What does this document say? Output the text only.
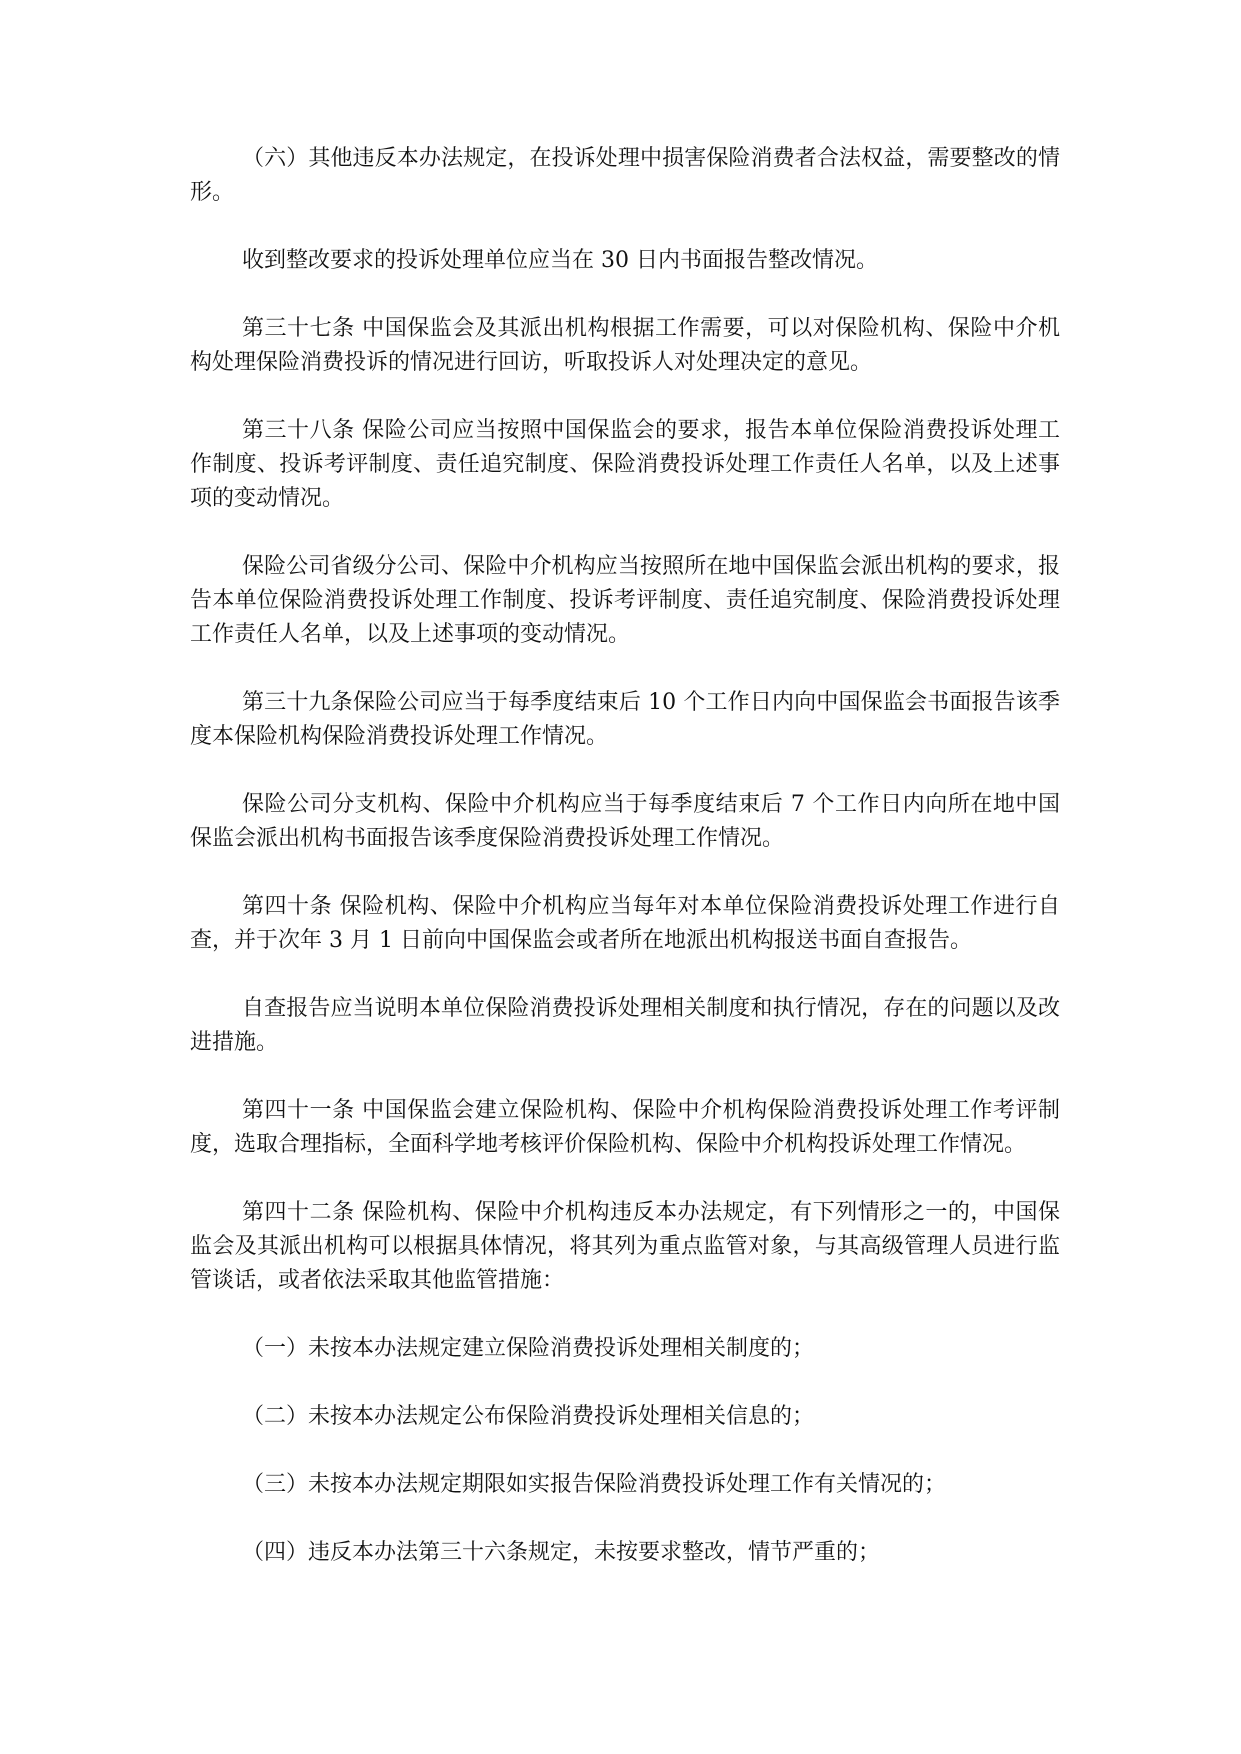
（六）其他违反本办法规定，在投诉处理中损害保险消费者合法权益，需要整改的情形。

收到整改要求的投诉处理单位应当在 30 日内书面报告整改情况。

第三十七条 中国保监会及其派出机构根据工作需要，可以对保险机构、保险中介机构处理保险消费投诉的情况进行回访，听取投诉人对处理决定的意见。

第三十八条 保险公司应当按照中国保监会的要求，报告本单位保险消费投诉处理工作制度、投诉考评制度、责任追究制度、保险消费投诉处理工作责任人名单，以及上述事项的变动情况。

保险公司省级分公司、保险中介机构应当按照所在地中国保监会派出机构的要求，报告本单位保险消费投诉处理工作制度、投诉考评制度、责任追究制度、保险消费投诉处理工作责任人名单，以及上述事项的变动情况。

第三十九条保险公司应当于每季度结束后 10 个工作日内向中国保监会书面报告该季度本保险机构保险消费投诉处理工作情况。

保险公司分支机构、保险中介机构应当于每季度结束后 7 个工作日内向所在地中国保监会派出机构书面报告该季度保险消费投诉处理工作情况。

第四十条 保险机构、保险中介机构应当每年对本单位保险消费投诉处理工作进行自查，并于次年 3 月 1 日前向中国保监会或者所在地派出机构报送书面自查报告。

自查报告应当说明本单位保险消费投诉处理相关制度和执行情况，存在的问题以及改进措施。

第四十一条 中国保监会建立保险机构、保险中介机构保险消费投诉处理工作考评制度，选取合理指标，全面科学地考核评价保险机构、保险中介机构投诉处理工作情况。

第四十二条 保险机构、保险中介机构违反本办法规定，有下列情形之一的，中国保监会及其派出机构可以根据具体情况，将其列为重点监管对象，与其高级管理人员进行监管谈话，或者依法采取其他监管措施：

（一）未按本办法规定建立保险消费投诉处理相关制度的；

（二）未按本办法规定公布保险消费投诉处理相关信息的；

（三）未按本办法规定期限如实报告保险消费投诉处理工作有关情况的；

（四）违反本办法第三十六条规定，未按要求整改，情节严重的；
